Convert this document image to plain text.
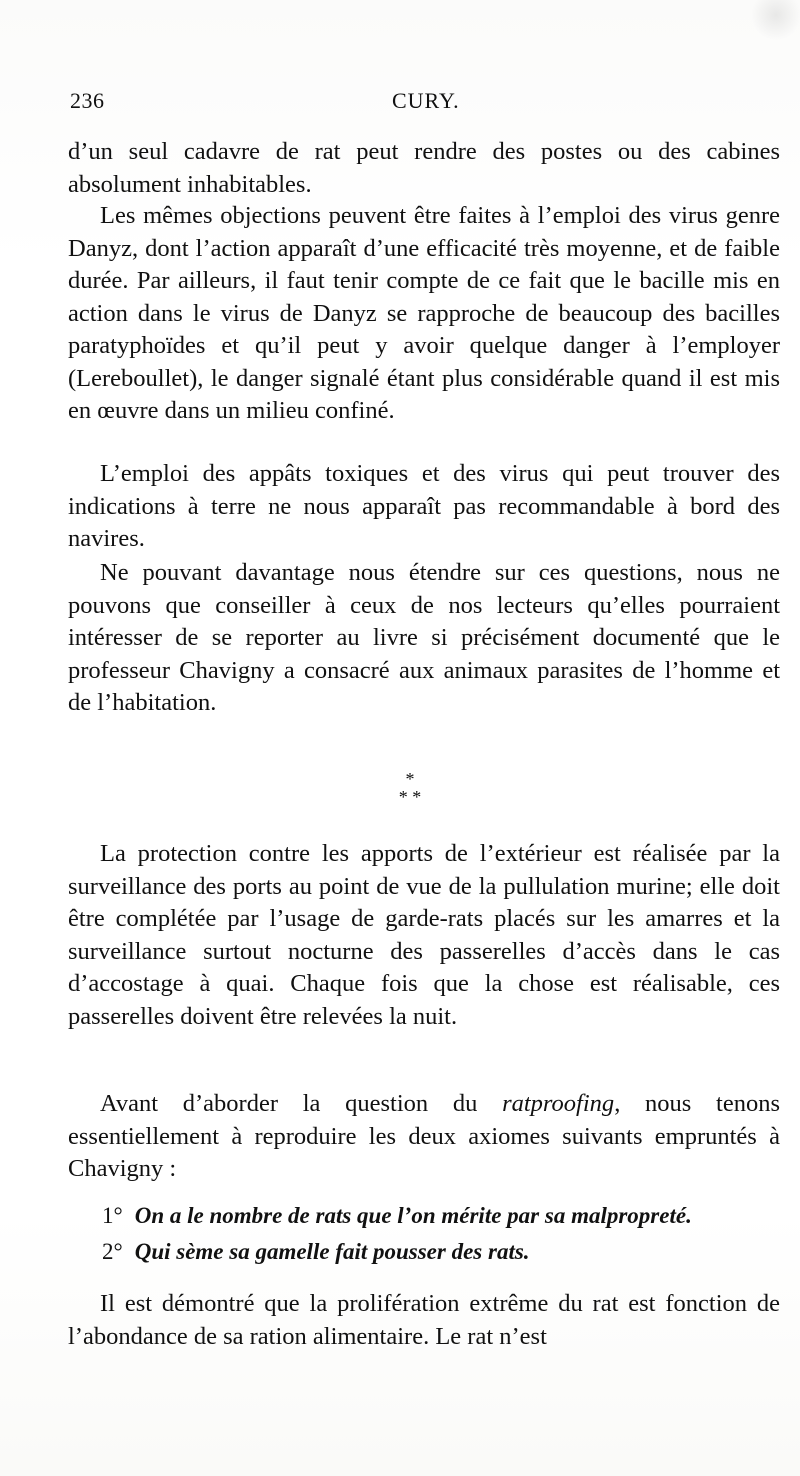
236	CURY.

d’un seul cadavre de rat peut rendre des postes ou des cabines absolument inhabitables.

Les mêmes objections peuvent être faites à l’emploi des virus genre Danyz, dont l’action apparaît d’une efficacité très moyenne, et de faible durée. Par ailleurs, il faut tenir compte de ce fait que le bacille mis en action dans le virus de Danyz se rapproche de beaucoup des bacilles paratyphoïdes et qu’il peut y avoir quelque danger à l’employer (Lereboullet), le danger signalé étant plus considérable quand il est mis en œuvre dans un milieu confiné.

L’emploi des appâts toxiques et des virus qui peut trouver des indications à terre ne nous apparaît pas recommandable à bord des navires.

Ne pouvant davantage nous étendre sur ces questions, nous ne pouvons que conseiller à ceux de nos lecteurs qu’elles pourraient intéresser de se reporter au livre si précisément documenté que le professeur Chavigny a consacré aux animaux parasites de l’homme et de l’habitation.

*
* *

La protection contre les apports de l’extérieur est réalisée par la surveillance des ports au point de vue de la pullulation murine; elle doit être complétée par l’usage de garde-rats placés sur les amarres et la surveillance surtout nocturne des passerelles d’accès dans le cas d’accostage à quai. Chaque fois que la chose est réalisable, ces passerelles doivent être relevées la nuit.

Avant d’aborder la question du ratproofing, nous tenons essentiellement à reproduire les deux axiomes suivants empruntés à Chavigny :

1° On a le nombre de rats que l’on mérite par sa malpropreté.
2° Qui sème sa gamelle fait pousser des rats.

Il est démontré que la prolifération extrême du rat est fonction de l’abondance de sa ration alimentaire. Le rat n’est
